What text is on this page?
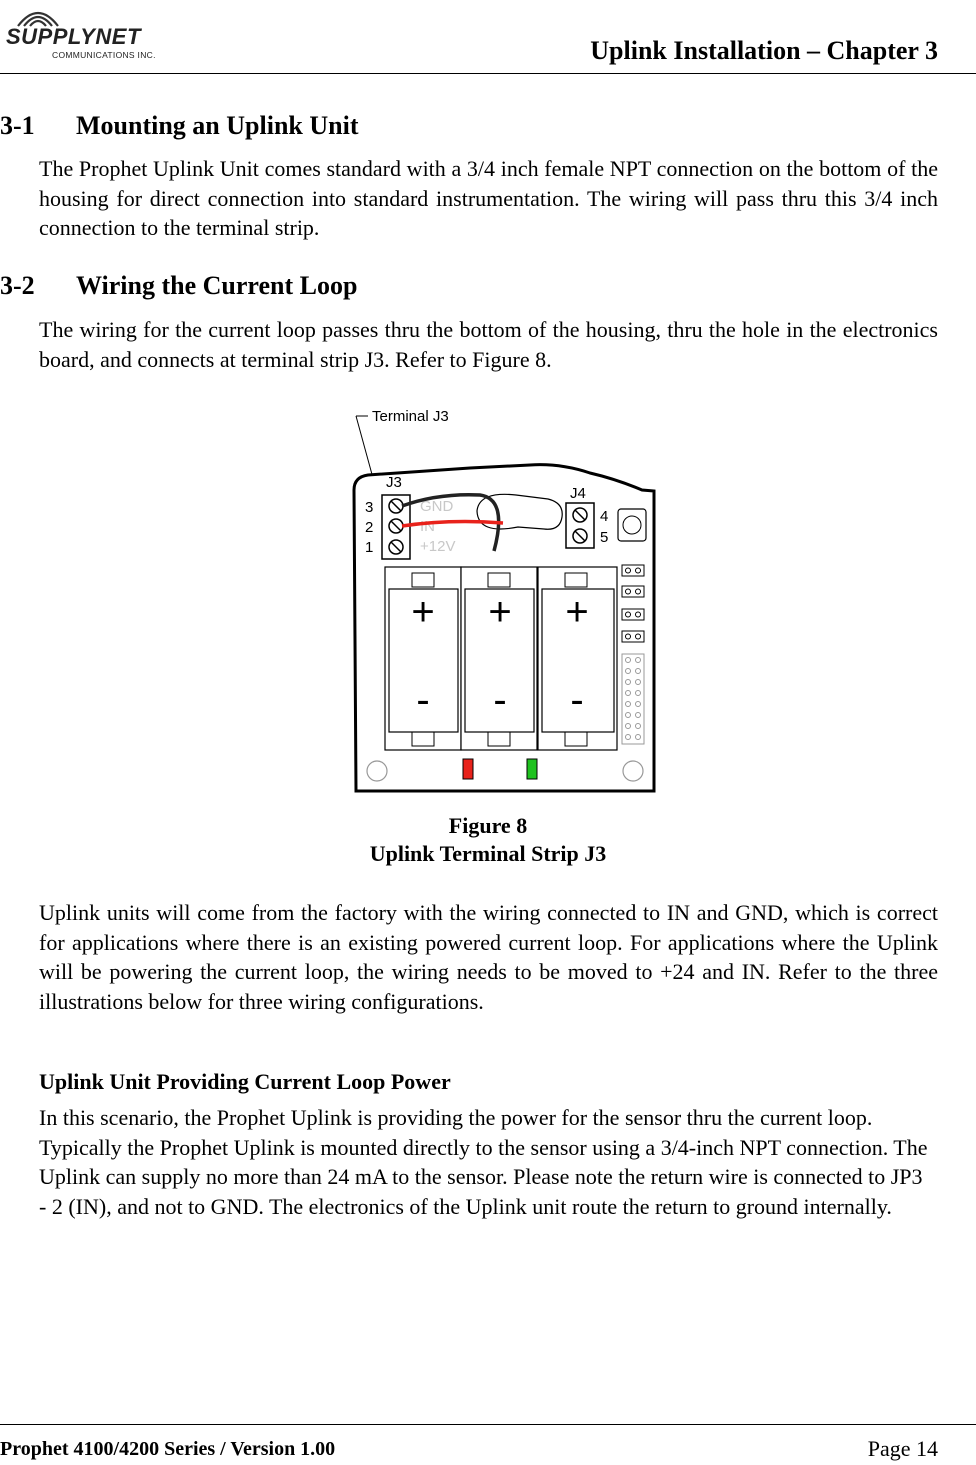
SUPPLYNET
COMMUNICATIONS INC.	Uplink Installation – Chapter 3
3-1 Mounting an Uplink Unit
The Prophet Uplink Unit comes standard with a 3/4 inch female NPT connection on the bottom of the housing for direct connection into standard instrumentation. The wiring will pass thru this 3/4 inch connection to the terminal strip.
3-2 Wiring the Current Loop
The wiring for the current loop passes thru the bottom of the housing, thru the hole in the electronics board, and connects at terminal strip J3. Refer to Figure 8.
Terminal J3
J3
3
2
1
GND
IN
+12V
J4
4
5
+ + +
- - -
Figure 8
Uplink Terminal Strip J3
Uplink units will come from the factory with the wiring connected to IN and GND, which is correct for applications where there is an existing powered current loop. For applications where the Uplink will be powering the current loop, the wiring needs to be moved to +24 and IN. Refer to the three illustrations below for three wiring configurations.
Uplink Unit Providing Current Loop Power
In this scenario, the Prophet Uplink is providing the power for the sensor thru the current loop. Typically the Prophet Uplink is mounted directly to the sensor using a 3/4-inch NPT connection. The Uplink can supply no more than 24 mA to the sensor. Please note the return wire is connected to JP3 - 2 (IN), and not to GND. The electronics of the Uplink unit route the return to ground internally.
Prophet 4100/4200 Series / Version 1.00	Page 14
